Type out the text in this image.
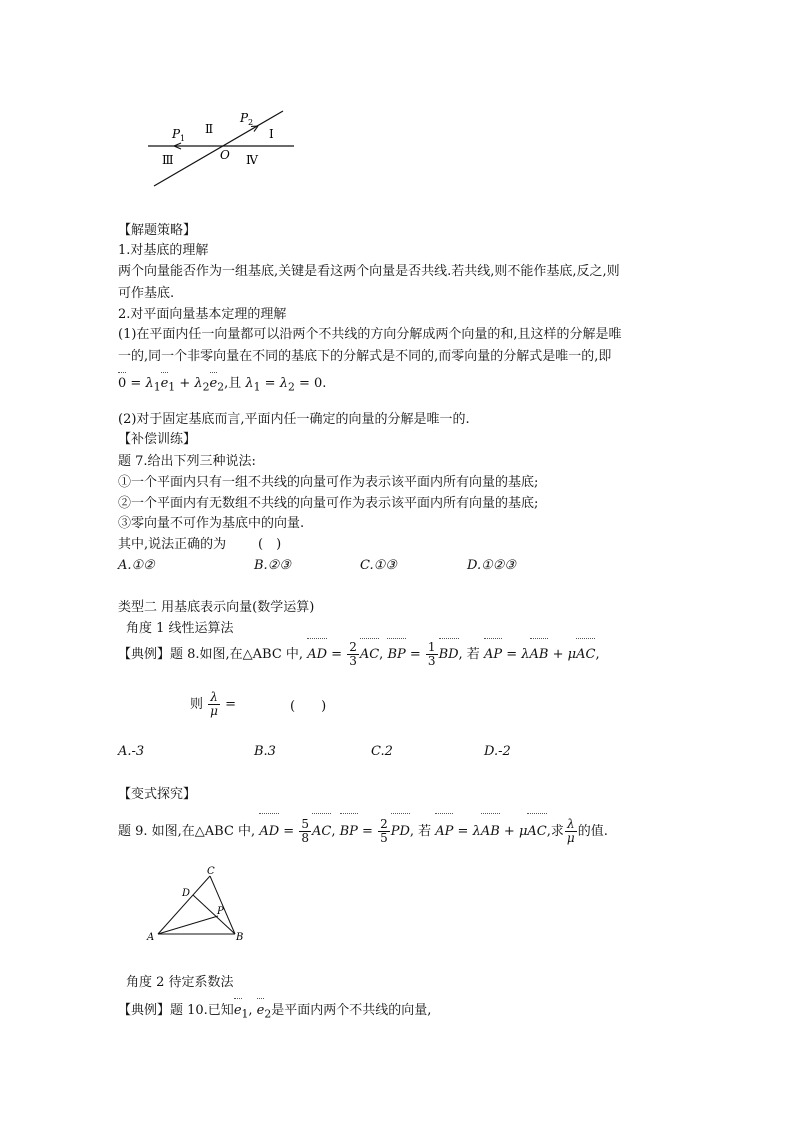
P 1
Ⅱ
P 2
Ⅰ
Ⅲ	O Ⅳ
【解题策略】
1.对基底的理解
两个向量能否作为一组基底,关键是看这两个向量是否共线.若共线,则不能作基底,反之,则
可作基底.
2.对平面向量基本定理的理解
(1)在平面内任一向量都可以沿两个不共线的方向分解成两个向量的和,且这样的分解是唯
一的,同一个非零向量在不同的基底下的分解式是不同的,而零向量的分解式是唯一的,即
$0 = \lambda_1e_1 + \lambda_2e_2$,且 $\lambda_1 = \lambda_2 = 0$.
(2)对于固定基底而言,平面内任一确定的向量的分解是唯一的.
【补偿训练】
题 7.给出下列三种说法:
①一个平面内只有一组不共线的向量可作为表示该平面内所有向量的基底;
②一个平面内有无数组不共线的向量可作为表示该平面内所有向量的基底;
③零向量不可作为基底中的向量.
其中,说法正确的为 (　)
A.①②	B.②③	C.①③	D.①②③
类型二 用基底表示向量(数学运算)
角度 1 线性运算法
【典例】题 8.如图,在△ABC 中, AD = $\frac{2}{3}$ AC, BP = $\frac{1}{3}$ BD, 若 AP = λAB + μAC,
则 $\frac{\lambda}{\mu}$ =	(　　)
A.-3	B.3	C.2	D.-2
【变式探究】
题 9. 如图,在△ABC 中, AD = $\frac{5}{8}$ AC, BP = $\frac{2}{5}$ PD, 若 AP = λAB + μAC,求 $\frac{\lambda}{\mu}$ 的值.
C
D
P
A	B
角度 2 待定系数法
【典例】题 10.已知$e_1$, $e_2$是平面内两个不共线的向量,
